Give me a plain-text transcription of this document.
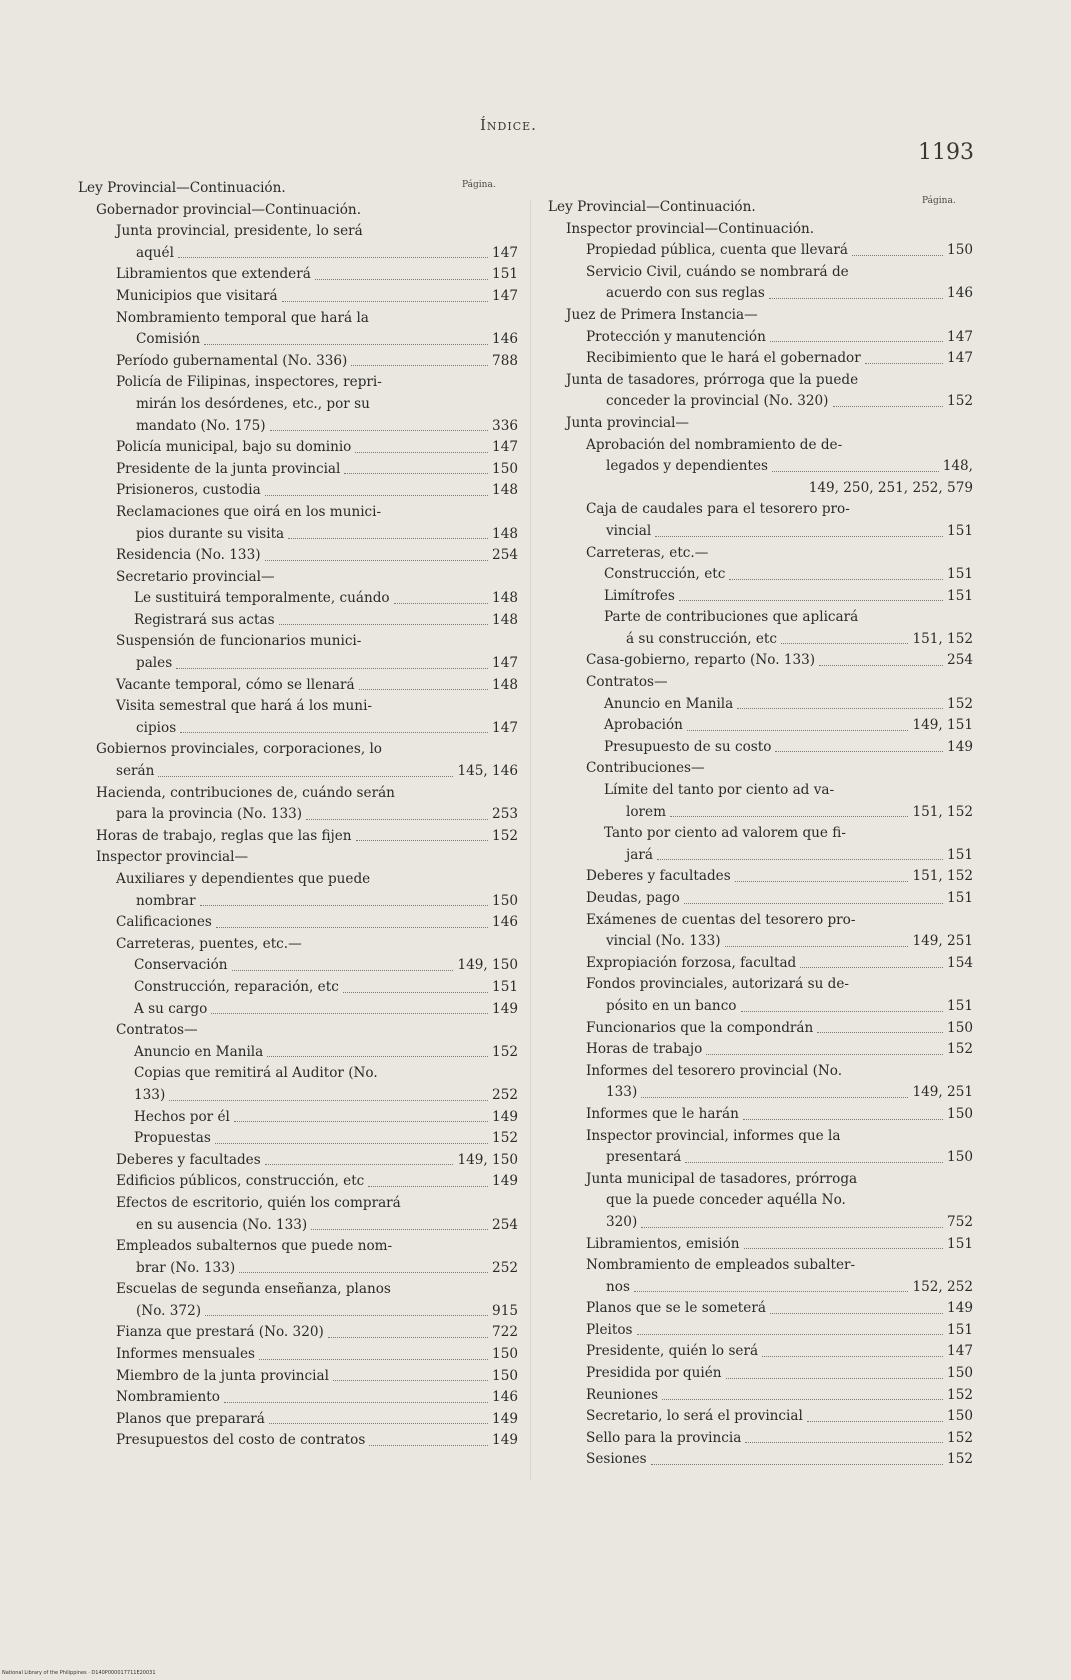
Índice.
1193
Página.
Página.
Ley Provincial—Continuación.
Gobernador provincial—Continuación.
Junta provincial, presidente, lo será
aquél	147
Libramientos que extenderá	151
Municipios que visitará	147
Nombramiento temporal que hará la
Comisión	146
Período gubernamental (No. 336)	788
Policía de Filipinas, inspectores, repri-
mirán los desórdenes, etc., por su
mandato (No. 175)	336
Policía municipal, bajo su dominio	147
Presidente de la junta provincial	150
Prisioneros, custodia	148
Reclamaciones que oirá en los munici-
pios durante su visita	148
Residencia (No. 133)	254
Secretario provincial—
Le sustituirá temporalmente, cuándo	148
Registrará sus actas	148
Suspensión de funcionarios munici-
pales	147
Vacante temporal, cómo se llenará	148
Visita semestral que hará á los muni-
cipios	147
Gobiernos provinciales, corporaciones, lo
serán	145, 146
Hacienda, contribuciones de, cuándo serán
para la provincia (No. 133)	253
Horas de trabajo, reglas que las fijen	152
Inspector provincial—
Auxiliares y dependientes que puede
nombrar	150
Calificaciones	146
Carreteras, puentes, etc.—
Conservación	149, 150
Construcción, reparación, etc	151
A su cargo	149
Contratos—
Anuncio en Manila	152
Copias que remitirá al Auditor (No.
133)	252
Hechos por él	149
Propuestas	152
Deberes y facultades	149, 150
Edificios públicos, construcción, etc	149
Efectos de escritorio, quién los comprará
en su ausencia (No. 133)	254
Empleados subalternos que puede nom-
brar (No. 133)	252
Escuelas de segunda enseñanza, planos
(No. 372)	915
Fianza que prestará (No. 320)	722
Informes mensuales	150
Miembro de la junta provincial	150
Nombramiento	146
Planos que preparará	149
Presupuestos del costo de contratos	149
Ley Provincial—Continuación.
Inspector provincial—Continuación.
Propiedad pública, cuenta que llevará	150
Servicio Civil, cuándo se nombrará de
acuerdo con sus reglas	146
Juez de Primera Instancia—
Protección y manutención	147
Recibimiento que le hará el gobernador	147
Junta de tasadores, prórroga que la puede
conceder la provincial (No. 320)	152
Junta provincial—
Aprobación del nombramiento de de-
legados y dependientes	148,
149, 250, 251, 252, 579
Caja de caudales para el tesorero pro-
vincial	151
Carreteras, etc.—
Construcción, etc	151
Limítrofes	151
Parte de contribuciones que aplicará
á su construcción, etc	151, 152
Casa-gobierno, reparto (No. 133)	254
Contratos—
Anuncio en Manila	152
Aprobación	149, 151
Presupuesto de su costo	149
Contribuciones—
Límite del tanto por ciento ad va-
lorem	151, 152
Tanto por ciento ad valorem que fi-
jará	151
Deberes y facultades	151, 152
Deudas, pago	151
Exámenes de cuentas del tesorero pro-
vincial (No. 133)	149, 251
Expropiación forzosa, facultad	154
Fondos provinciales, autorizará su de-
pósito en un banco	151
Funcionarios que la compondrán	150
Horas de trabajo	152
Informes del tesorero provincial (No.
133)	149, 251
Informes que le harán	150
Inspector provincial, informes que la
presentará	150
Junta municipal de tasadores, prórroga
que la puede conceder aquélla No.
320)	752
Libramientos, emisión	151
Nombramiento de empleados subalter-
nos	152, 252
Planos que se le someterá	149
Pleitos	151
Presidente, quién lo será	147
Presidida por quién	150
Reuniones	152
Secretario, lo será el provincial	150
Sello para la provincia	152
Sesiones	152
National Library of the Philippines · D140P000017711E20031
